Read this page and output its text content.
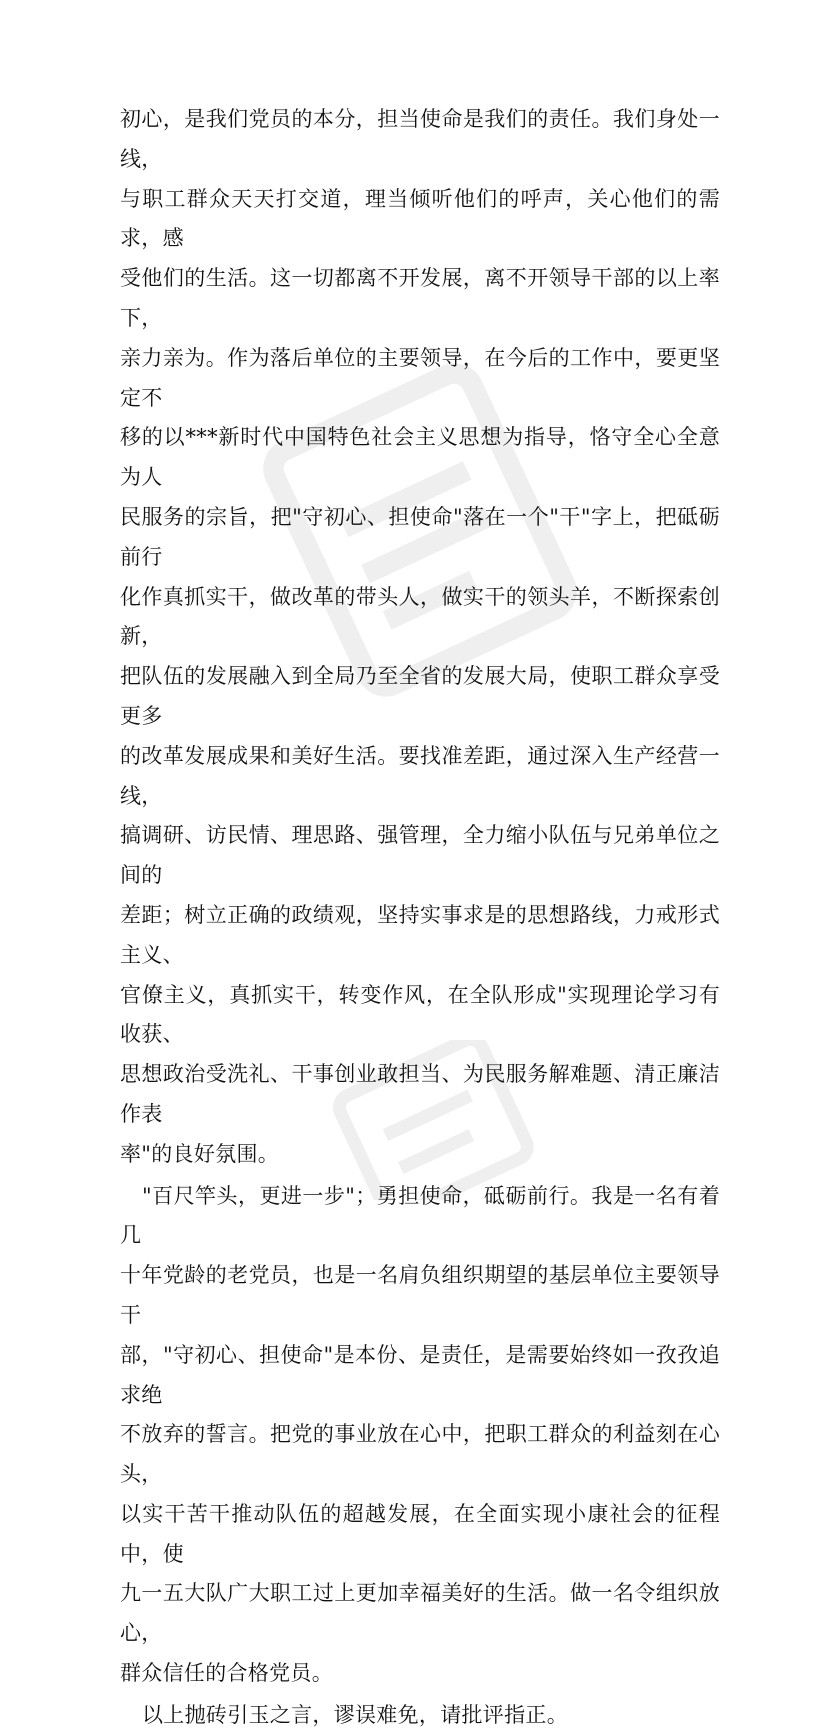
初心，是我们党员的本分，担当使命是我们的责任。我们身处一线，
与职工群众天天打交道，理当倾听他们的呼声，关心他们的需求，感
受他们的生活。这一切都离不开发展，离不开领导干部的以上率下，
亲力亲为。作为落后单位的主要领导，在今后的工作中，要更坚定不
移的以***新时代中国特色社会主义思想为指导，恪守全心全意为人
民服务的宗旨，把"守初心、担使命"落在一个"干"字上，把砥砺前行
化作真抓实干，做改革的带头人，做实干的领头羊，不断探索创新，
把队伍的发展融入到全局乃至全省的发展大局，使职工群众享受更多
的改革发展成果和美好生活。要找准差距，通过深入生产经营一线，
搞调研、访民情、理思路、强管理，全力缩小队伍与兄弟单位之间的
差距；树立正确的政绩观，坚持实事求是的思想路线，力戒形式主义、
官僚主义，真抓实干，转变作风，在全队形成"实现理论学习有收获、
思想政治受洗礼、干事创业敢担当、为民服务解难题、清正廉洁作表
率"的良好氛围。

"百尺竿头，更进一步"；勇担使命，砥砺前行。我是一名有着几
十年党龄的老党员，也是一名肩负组织期望的基层单位主要领导干
部，"守初心、担使命"是本份、是责任，是需要始终如一孜孜追求绝
不放弃的誓言。把党的事业放在心中，把职工群众的利益刻在心头，
以实干苦干推动队伍的超越发展，在全面实现小康社会的征程中，使
九一五大队广大职工过上更加幸福美好的生活。做一名令组织放心，
群众信任的合格党员。

以上抛砖引玉之言，谬误难免，请批评指正。
